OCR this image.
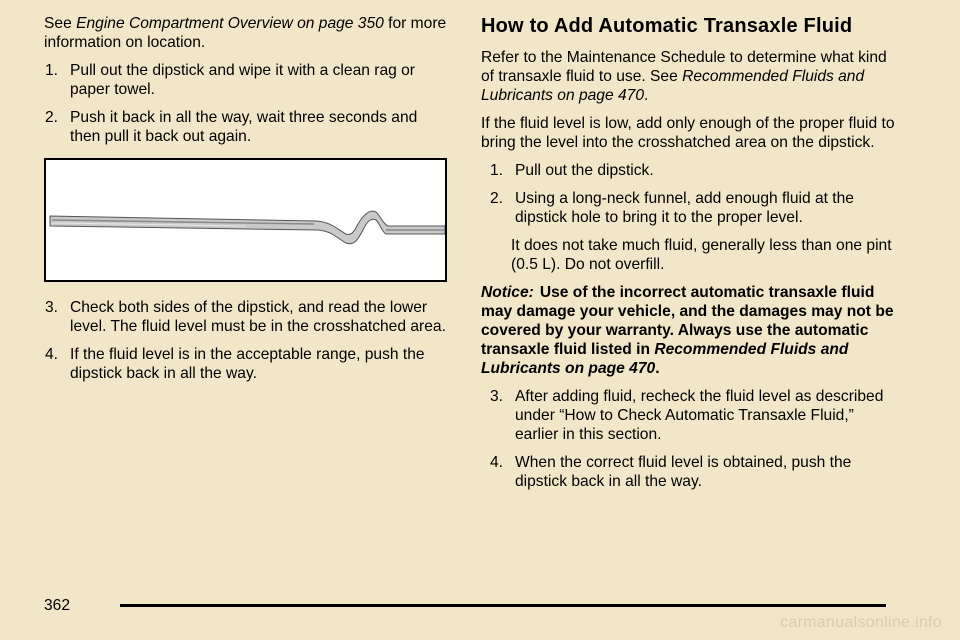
See Engine Compartment Overview on page 350 for more information on location.

1. Pull out the dipstick and wipe it with a clean rag or paper towel.
2. Push it back in all the way, wait three seconds and then pull it back out again.
3. Check both sides of the dipstick, and read the lower level. The fluid level must be in the crosshatched area.
4. If the fluid level is in the acceptable range, push the dipstick back in all the way.
How to Add Automatic Transaxle Fluid

Refer to the Maintenance Schedule to determine what kind of transaxle fluid to use. See Recommended Fluids and Lubricants on page 470.

If the fluid level is low, add only enough of the proper fluid to bring the level into the crosshatched area on the dipstick.

1. Pull out the dipstick.
2. Using a long-neck funnel, add enough fluid at the dipstick hole to bring it to the proper level.

It does not take much fluid, generally less than one pint (0.5 L). Do not overfill.

Notice: Use of the incorrect automatic transaxle fluid may damage your vehicle, and the damages may not be covered by your warranty. Always use the automatic transaxle fluid listed in Recommended Fluids and Lubricants on page 470.

3. After adding fluid, recheck the fluid level as described under “How to Check Automatic Transaxle Fluid,” earlier in this section.
4. When the correct fluid level is obtained, push the dipstick back in all the way.
362
carmanualsonline.info
